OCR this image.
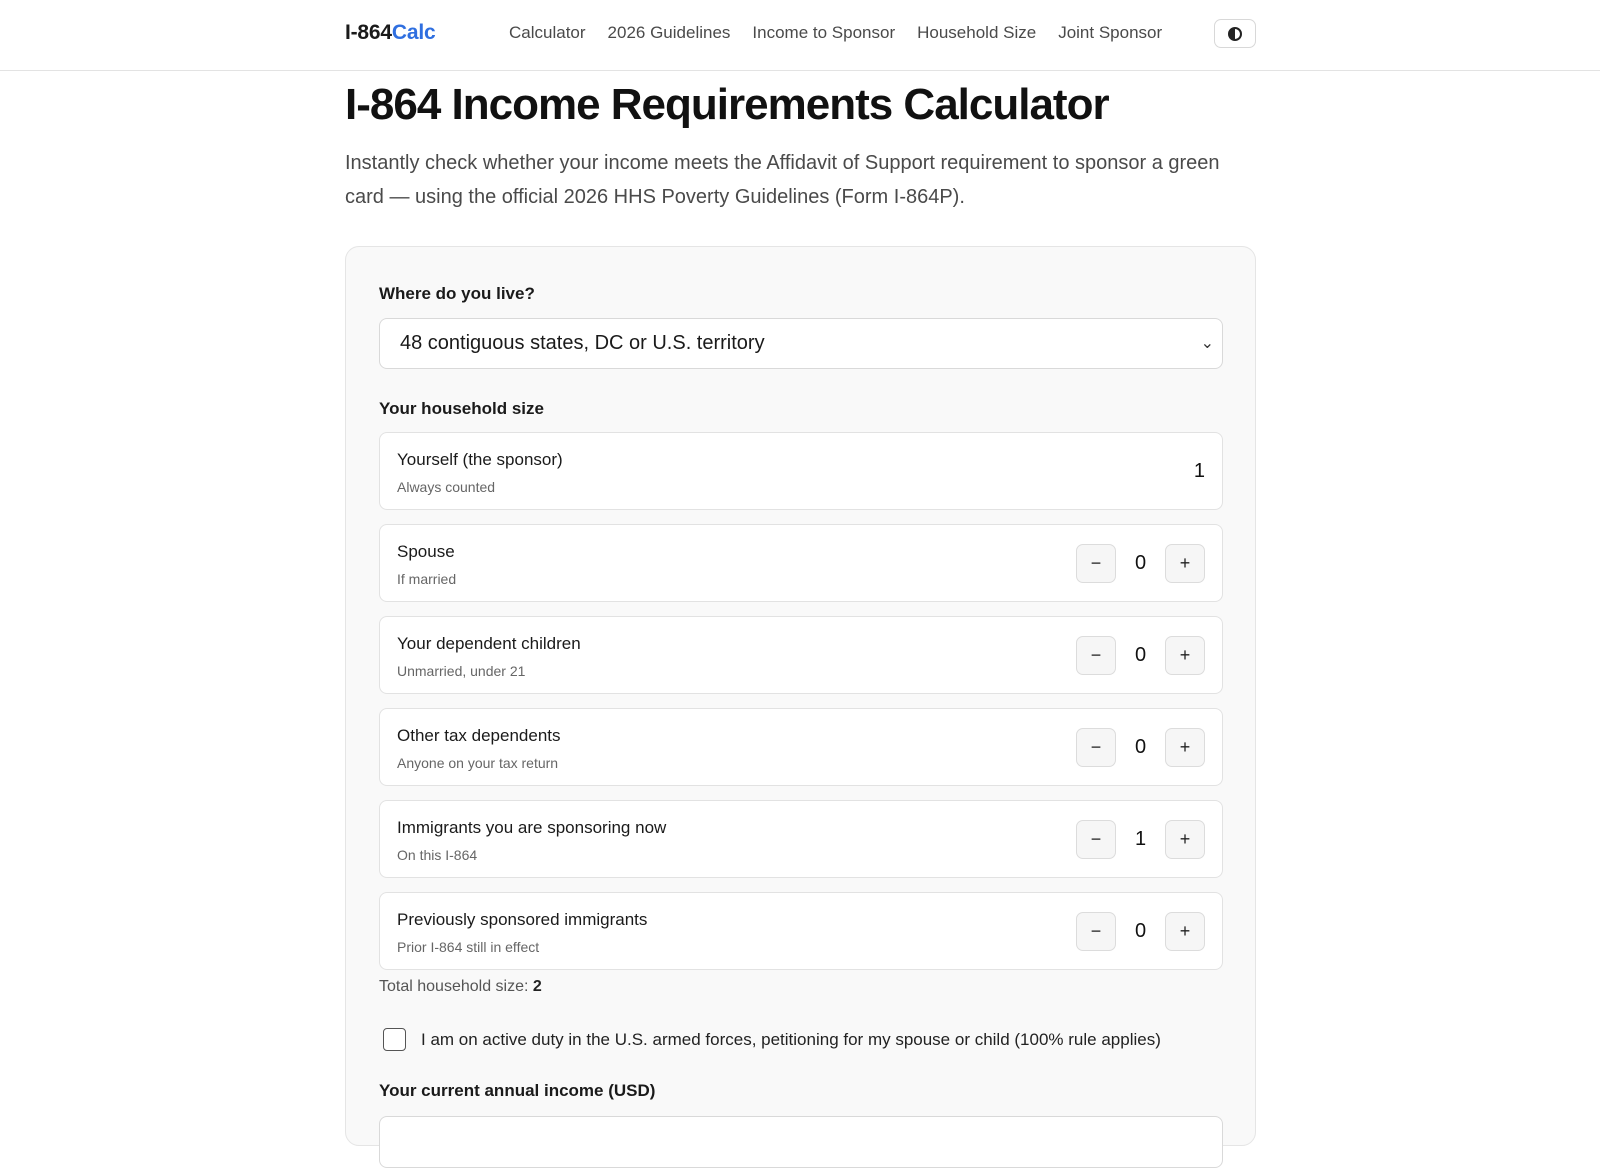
I-864Calc	Calculator 2026 Guidelines Income to Sponsor Household Size Joint Sponsor
I-864 Income Requirements Calculator

Instantly check whether your income meets the Affidavit of Support requirement to sponsor a green card — using the official 2026 HHS Poverty Guidelines (Form I-864P).

Where do you live?
48 contiguous states, DC or U.S. territory	⌄
Your household size
Yourself (the sponsor)
Always counted
1
Spouse
If married
−	0	+
Your dependent children
Unmarried, under 21
−	0	+
Other tax dependents
Anyone on your tax return
−	0	+
Immigrants you are sponsoring now
On this I-864
−	1	+
Previously sponsored immigrants
Prior I-864 still in effect
−	0	+
Total household size: 2
I am on active duty in the U.S. armed forces, petitioning for my spouse or child (100% rule applies)
Your current annual income (USD)
